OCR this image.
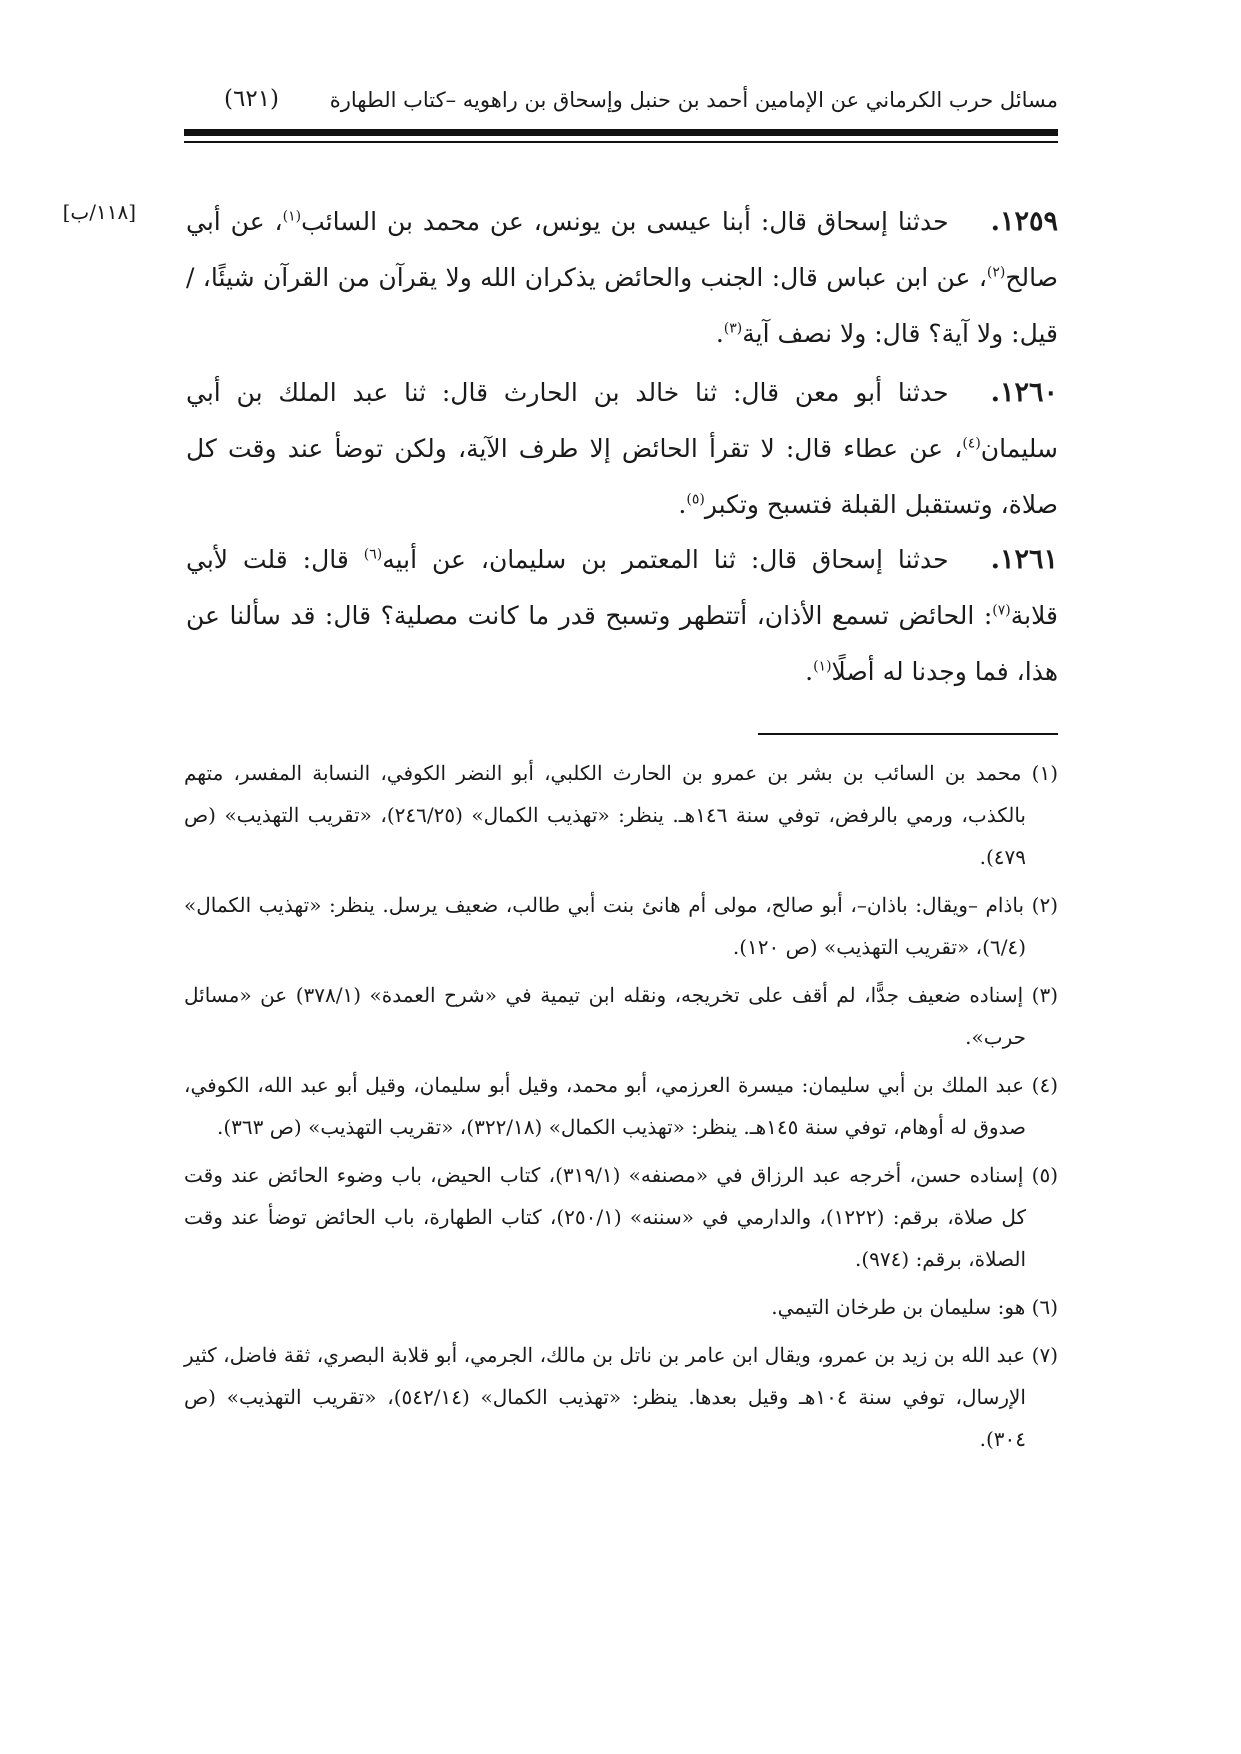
مسائل حرب الكرماني عن الإمامين أحمد بن حنبل وإسحاق بن راهويه –كتاب الطهارة
(٦٢١)
[١١٨/ب]	١٢٥٩.حدثنا إسحاق قال: أبنا عيسى بن يونس، عن محمد بن السائب$^{(١)}$، عن أبي صالح$^{(٢)}$، عن ابن عباس قال: الجنب والحائض يذكران الله ولا يقرآن من القرآن شيئًا، / قيل: ولا آية؟ قال: ولا نصف آية$^{(٣)}$.
١٢٦٠.حدثنا أبو معن قال: ثنا خالد بن الحارث قال: ثنا عبد الملك بن أبي سليمان$^{(٤)}$، عن عطاء قال: لا تقرأ الحائض إلا طرف الآية، ولكن توضأ عند وقت كل صلاة، وتستقبل القبلة فتسبح وتكبر$^{(٥)}$.
١٢٦١.حدثنا إسحاق قال: ثنا المعتمر بن سليمان، عن أبيه$^{(٦)}$ قال: قلت لأبي قلابة$^{(٧)}$: الحائض تسمع الأذان، أتتطهر وتسبح قدر ما كانت مصلية؟ قال: قد سألنا عن هذا، فما وجدنا له أصلًا$^{(١)}$.

(١) محمد بن السائب بن بشر بن عمرو بن الحارث الكلبي، أبو النضر الكوفي، النسابة المفسر، متهم بالكذب، ورمي بالرفض، توفي سنة ١٤٦هـ. ينظر: «تهذيب الكمال» (٢٤٦/٢٥)، «تقريب التهذيب» (ص ٤٧٩).

(٢) باذام –ويقال: باذان–، أبو صالح، مولى أم هانئ بنت أبي طالب، ضعيف يرسل. ينظر: «تهذيب الكمال» (٦/٤)، «تقريب التهذيب» (ص ١٢٠).

(٣) إسناده ضعيف جدًّا، لم أقف على تخريجه، ونقله ابن تيمية في «شرح العمدة» (٣٧٨/١) عن «مسائل حرب».

(٤) عبد الملك بن أبي سليمان: ميسرة العرزمي، أبو محمد، وقيل أبو سليمان، وقيل أبو عبد الله، الكوفي، صدوق له أوهام، توفي سنة ١٤٥هـ. ينظر: «تهذيب الكمال» (٣٢٢/١٨)، «تقريب التهذيب» (ص ٣٦٣).

(٥) إسناده حسن، أخرجه عبد الرزاق في «مصنفه» (٣١٩/١)، كتاب الحيض، باب وضوء الحائض عند وقت كل صلاة، برقم: (١٢٢٢)، والدارمي في «سننه» (٢٥٠/١)، كتاب الطهارة، باب الحائض توضأ عند وقت الصلاة، برقم: (٩٧٤).

(٦) هو: سليمان بن طرخان التيمي.

(٧) عبد الله بن زيد بن عمرو، ويقال ابن عامر بن ناتل بن مالك، الجرمي، أبو قلابة البصري، ثقة فاضل، كثير الإرسال، توفي سنة ١٠٤هـ وقيل بعدها. ينظر: «تهذيب الكمال» (٥٤٢/١٤)، «تقريب التهذيب» (ص ٣٠٤).
